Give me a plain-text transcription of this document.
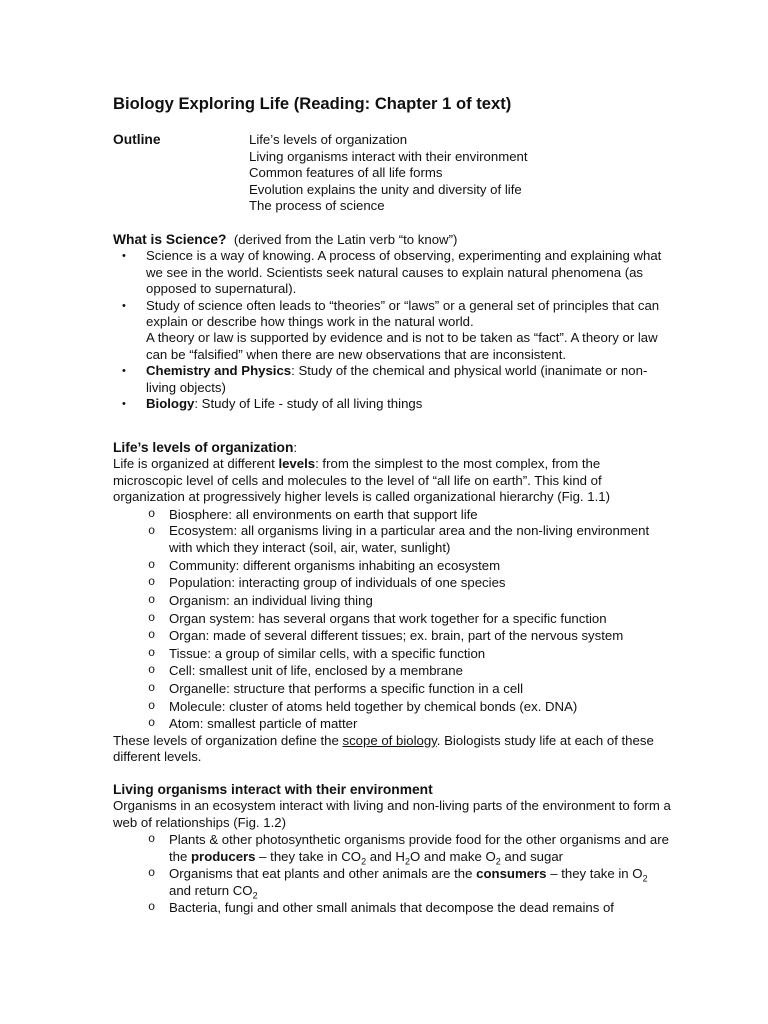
Biology Exploring Life (Reading: Chapter 1 of text)
Outline	Life’s levels of organization
Living organisms interact with their environment
Common features of all life forms
Evolution explains the unity and diversity of life
The process of science
What is Science? (derived from the Latin verb “to know”)
• Science is a way of knowing. A process of observing, experimenting and explaining what we see in the world. Scientists seek natural causes to explain natural phenomena (as opposed to supernatural).
• Study of science often leads to “theories” or “laws” or a general set of principles that can explain or describe how things work in the natural world.
A theory or law is supported by evidence and is not to be taken as “fact”. A theory or law can be “falsified” when there are new observations that are inconsistent.
• Chemistry and Physics: Study of the chemical and physical world (inanimate or non-living objects)
• Biology: Study of Life - study of all living things
Life’s levels of organization:
Life is organized at different levels: from the simplest to the most complex, from the microscopic level of cells and molecules to the level of “all life on earth”. This kind of organization at progressively higher levels is called organizational hierarchy (Fig. 1.1)
o Biosphere: all environments on earth that support life
o Ecosystem: all organisms living in a particular area and the non-living environment with which they interact (soil, air, water, sunlight)
o Community: different organisms inhabiting an ecosystem
o Population: interacting group of individuals of one species
o Organism: an individual living thing
o Organ system: has several organs that work together for a specific function
o Organ: made of several different tissues; ex. brain, part of the nervous system
o Tissue: a group of similar cells, with a specific function
o Cell: smallest unit of life, enclosed by a membrane
o Organelle: structure that performs a specific function in a cell
o Molecule: cluster of atoms held together by chemical bonds (ex. DNA)
o Atom: smallest particle of matter
These levels of organization define the scope of biology. Biologists study life at each of these different levels.
Living organisms interact with their environment
Organisms in an ecosystem interact with living and non-living parts of the environment to form a web of relationships (Fig. 1.2)
o Plants & other photosynthetic organisms provide food for the other organisms and are the producers – they take in $CO_2$ and $H_2O$ and make $O_2$ and sugar
o Organisms that eat plants and other animals are the consumers – they take in $O_2$ and return $CO_2$
o Bacteria, fungi and other small animals that decompose the dead remains of
